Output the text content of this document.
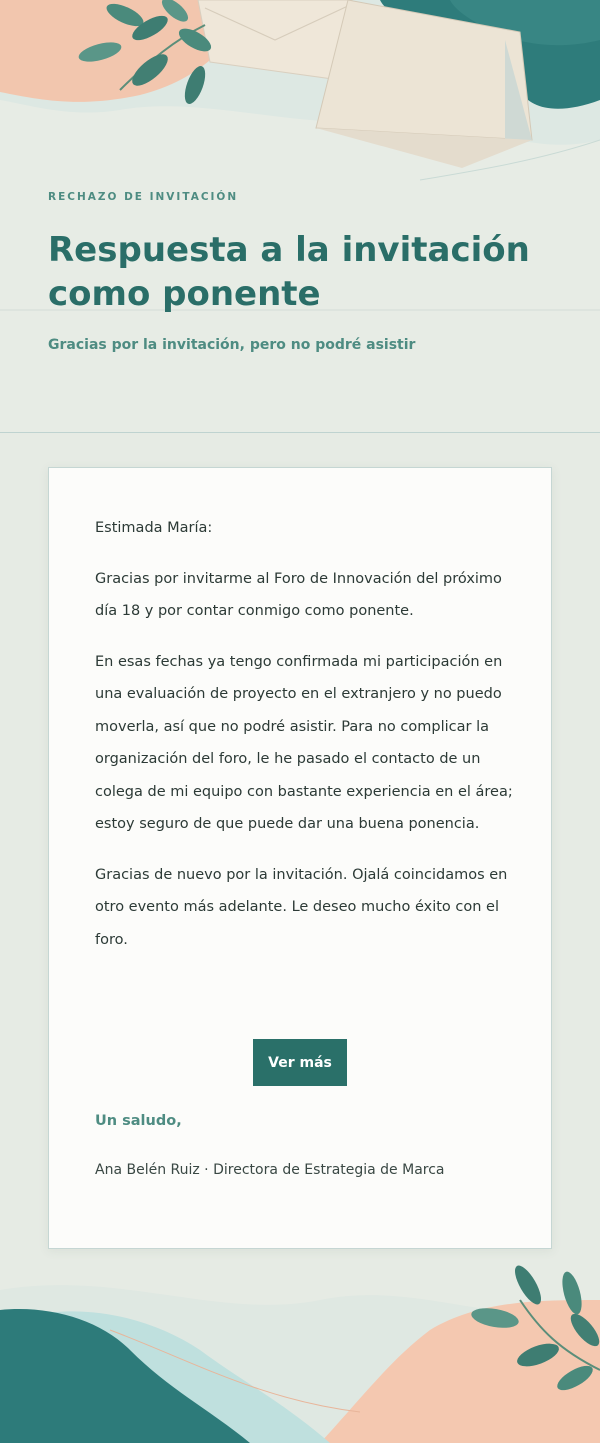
RECHAZO DE INVITACIÓN
Respuesta a la invitación como ponente

Gracias por la invitación, pero no podré asistir

Estimada María:

Gracias por invitarme al Foro de Innovación del próximo día 18 y por contar conmigo como ponente.

En esas fechas ya tengo confirmada mi participación en una evaluación de proyecto en el extranjero y no puedo moverla, así que no podré asistir. Para no complicar la organización del foro, le he pasado el contacto de un colega de mi equipo con bastante experiencia en el área; estoy seguro de que puede dar una buena ponencia.

Gracias de nuevo por la invitación. Ojalá coincidamos en otro evento más adelante. Le deseo mucho éxito con el foro.

Ver más
Un saludo,
Ana Belén Ruiz · Directora de Estrategia de Marca
